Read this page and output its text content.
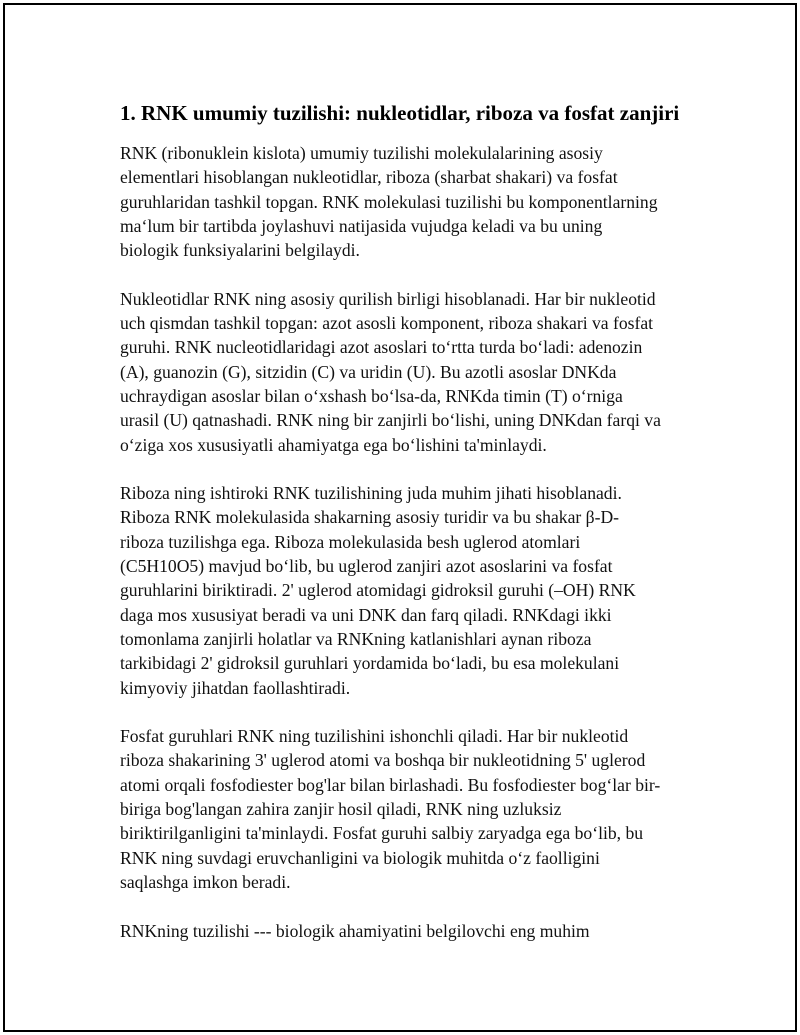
1. RNK umumiy tuzilishi: nukleotidlar, riboza va fosfat zanjiri

RNK (ribonuklein kislota) umumiy tuzilishi molekulalarining asosiy
elementlari hisoblangan nukleotidlar, riboza (sharbat shakari) va fosfat
guruhlaridan tashkil topgan. RNK molekulasi tuzilishi bu komponentlarning
ma‘lum bir tartibda joylashuvi natijasida vujudga keladi va bu uning
biologik funksiyalarini belgilaydi.

Nukleotidlar RNK ning asosiy qurilish birligi hisoblanadi. Har bir nukleotid
uch qismdan tashkil topgan: azot asosli komponent, riboza shakari va fosfat
guruhi. RNK nucleotidlaridagi azot asoslari to‘rtta turda bo‘ladi: adenozin
(A), guanozin (G), sitzidin (C) va uridin (U). Bu azotli asoslar DNKda
uchraydigan asoslar bilan o‘xshash bo‘lsa-da, RNKda timin (T) o‘rniga
urasil (U) qatnashadi. RNK ning bir zanjirli bo‘lishi, uning DNKdan farqi va
o‘ziga xos xususiyatli ahamiyatga ega bo‘lishini ta'minlaydi.

Riboza ning ishtiroki RNK tuzilishining juda muhim jihati hisoblanadi.
Riboza RNK molekulasida shakarning asosiy turidir va bu shakar β-D-
riboza tuzilishga ega. Riboza molekulasida besh uglerod atomlari
(C5H10O5) mavjud bo‘lib, bu uglerod zanjiri azot asoslarini va fosfat
guruhlarini biriktiradi. 2' uglerod atomidagi gidroksil guruhi (–OH) RNK
daga mos xususiyat beradi va uni DNK dan farq qiladi. RNKdagi ikki
tomonlama zanjirli holatlar va RNKning katlanishlari aynan riboza
tarkibidagi 2' gidroksil guruhlari yordamida bo‘ladi, bu esa molekulani
kimyoviy jihatdan faollashtiradi.

Fosfat guruhlari RNK ning tuzilishini ishonchli qiladi. Har bir nukleotid
riboza shakarining 3' uglerod atomi va boshqa bir nukleotidning 5' uglerod
atomi orqali fosfodiester bog'lar bilan birlashadi. Bu fosfodiester bog‘lar bir-
biriga bog'langan zahira zanjir hosil qiladi, RNK ning uzluksiz
biriktirilganligini ta'minlaydi. Fosfat guruhi salbiy zaryadga ega bo‘lib, bu
RNK ning suvdagi eruvchanligini va biologik muhitda o‘z faolligini
saqlashga imkon beradi.

RNKning tuzilishi --- biologik ahamiyatini belgilovchi eng muhim
